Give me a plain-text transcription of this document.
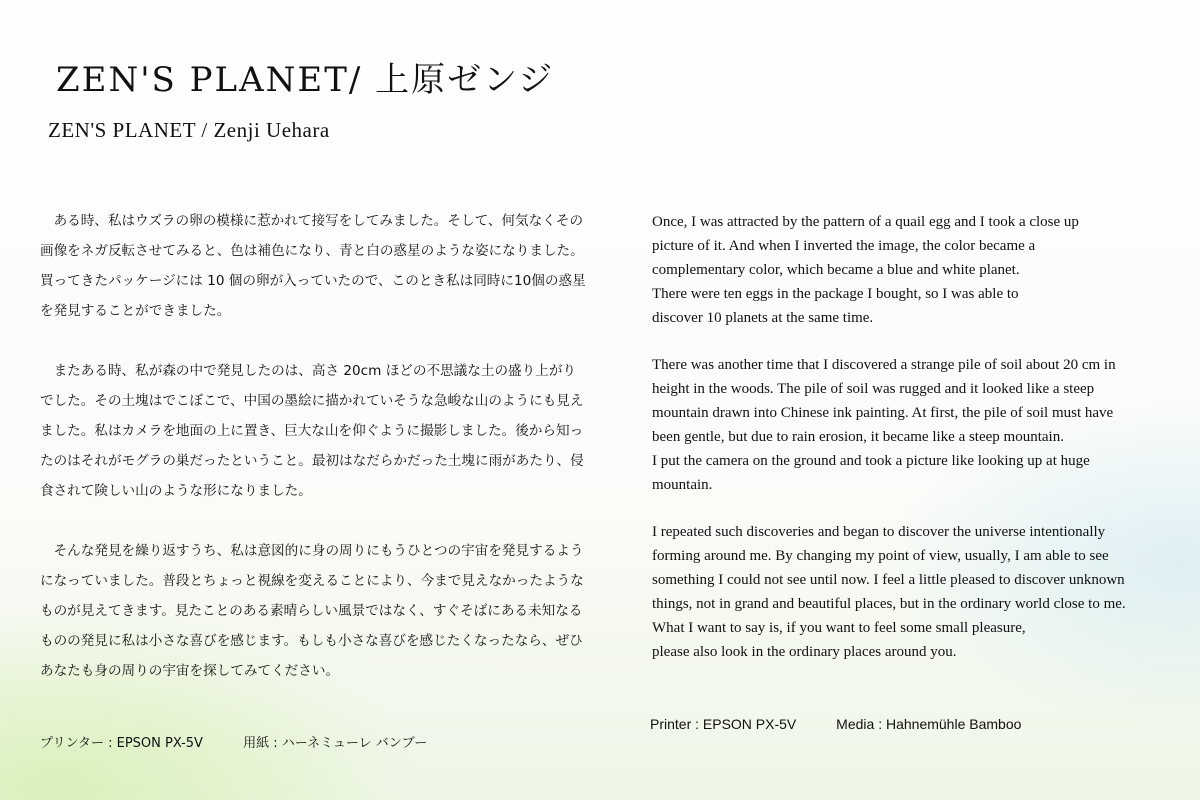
ZEN'S PLANET/ 上原ゼンジ
ZEN'S PLANET / Zenji Uehara

ある時、私はウズラの卵の模様に惹かれて接写をしてみました。そして、何気なくその画像をネガ反転させてみると、色は補色になり、青と白の惑星のような姿になりました。買ってきたパッケージには 10 個の卵が入っていたので、このとき私は同時に10個の惑星を発見することができました。

またある時、私が森の中で発見したのは、高さ 20cm ほどの不思議な土の盛り上がりでした。その土塊はでこぼこで、中国の墨絵に描かれていそうな急峻な山のようにも見えました。私はカメラを地面の上に置き、巨大な山を仰ぐように撮影しました。後から知ったのはそれがモグラの巣だったということ。最初はなだらかだった土塊に雨があたり、侵食されて険しい山のような形になりました。

そんな発見を繰り返すうち、私は意図的に身の周りにもうひとつの宇宙を発見するようになっていました。普段とちょっと視線を変えることにより、今まで見えなかったようなものが見えてきます。見たことのある素晴らしい風景ではなく、すぐそばにある未知なるものの発見に私は小さな喜びを感じます。もしも小さな喜びを感じたくなったなら、ぜひあなたも身の周りの宇宙を探してみてください。

Once, I was attracted by the pattern of a quail egg and I took a close up
picture of it. And when I inverted the image, the color became a
complementary color, which became a blue and white planet.
There were ten eggs in the package I bought, so I was able to
discover 10 planets at the same time.

There was another time that I discovered a strange pile of soil about 20 cm in
height in the woods. The pile of soil was rugged and it looked like a steep
mountain drawn into Chinese ink painting. At first, the pile of soil must have
been gentle, but due to rain erosion, it became like a steep mountain.
I put the camera on the ground and took a picture like looking up at huge
mountain.

I repeated such discoveries and began to discover the universe intentionally
forming around me. By changing my point of view, usually, I am able to see
something I could not see until now. I feel a little pleased to discover unknown
things, not in grand and beautiful places, but in the ordinary world close to me.
What I want to say is, if you want to feel some small pleasure,
please also look in the ordinary places around you.

プリンター : EPSON PX-5V	用紙 : ハーネミューレ バンブー
Printer : EPSON PX-5V	Media : Hahnemühle Bamboo
